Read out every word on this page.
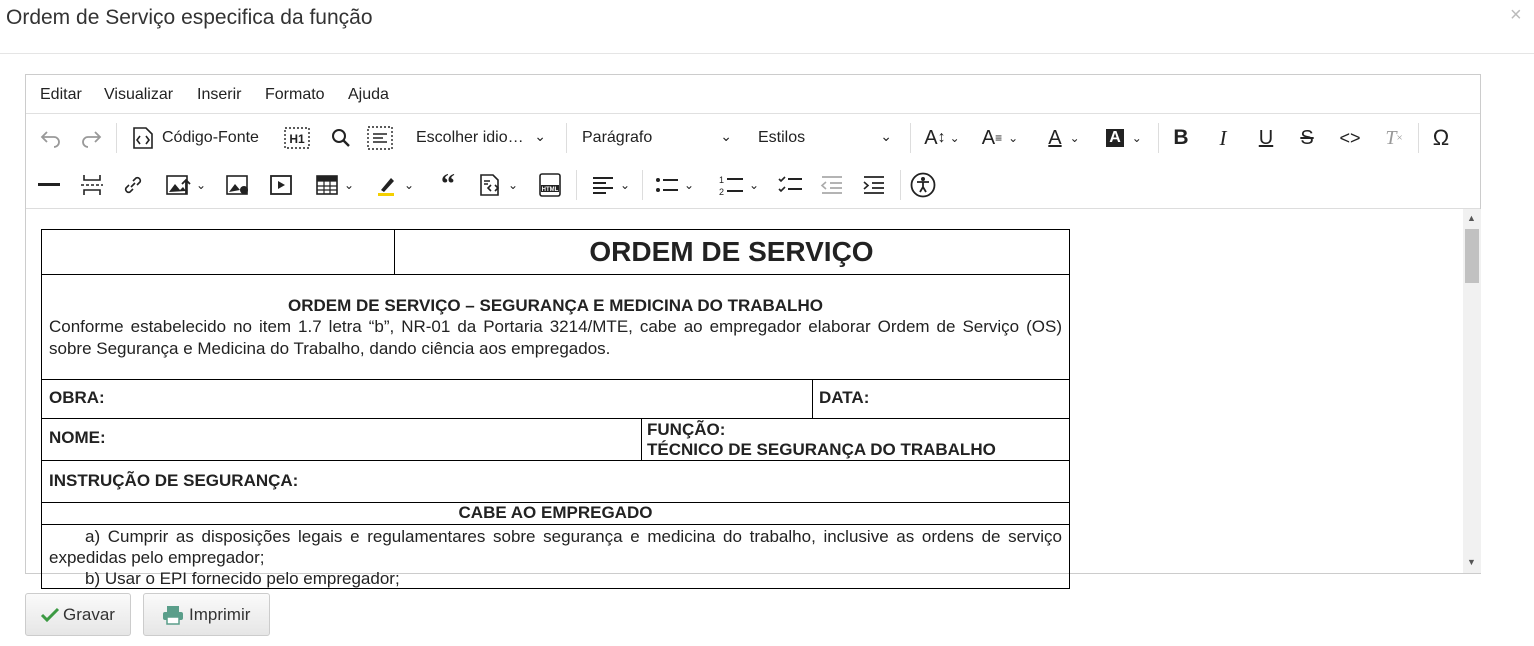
Ordem de Serviço especifica da função	×
Editar Visualizar Inserir Formato Ajuda
Código-Fonte	H1	Escolher idio… ⌄ Parágrafo	⌄ Estilos	⌄	A ↕ ⌄ A ≡ ⌄ A ⌄ A ⌄ B	I	U	S	<> T ×	Ω
⌄	⌄	⌄ “	⌄	HTML	⌄	⌄	1
2 ⌄
ORDEM DE SERVIÇO
ORDEM DE SERVIÇO – SEGURANÇA E MEDICINA DO TRABALHO
Conforme estabelecido no item 1.7 letra “b”, NR-01 da Portaria 3214/MTE, cabe ao empregador elaborar Ordem de Serviço (OS) sobre Segurança e Medicina do Trabalho, dando ciência aos empregados.
OBRA:	DATA:
NOME:	FUNÇÃO:
TÉCNICO DE SEGURANÇA DO TRABALHO
INSTRUÇÃO DE SEGURANÇA:
CABE AO EMPREGADO
a) Cumprir as disposições legais e regulamentares sobre segurança e medicina do trabalho, inclusive as ordens de serviço expedidas pelo empregador;
b) Usar o EPI fornecido pelo empregador;
▲
▼
Gravar	Imprimir
